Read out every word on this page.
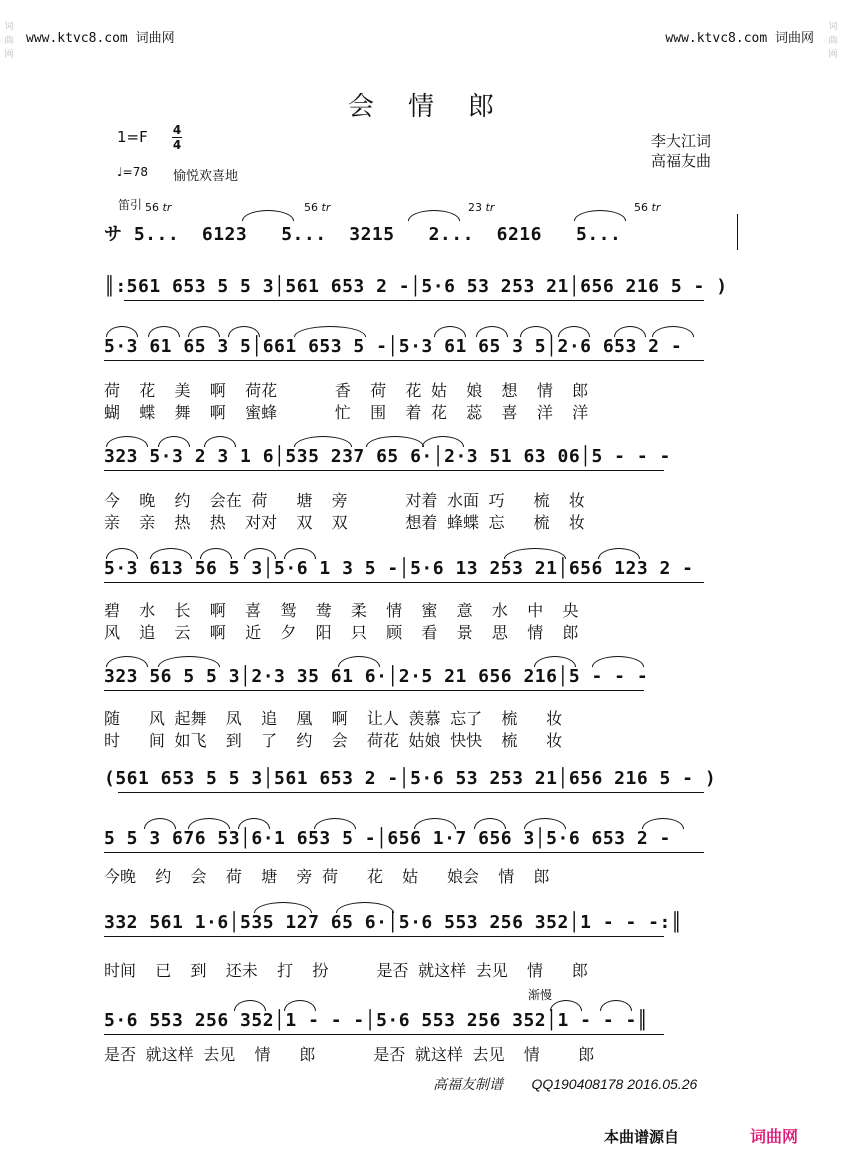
词
曲
网
词
曲
网
www.ktvc8.com 词曲网	www.ktvc8.com 词曲网
会情郎
1=F 4
4
♩=78 愉悦欢喜地
李大江词
高福友曲
笛引 56 tr	56 tr	23 tr	56 tr
サ 5...  6123   5...  3215   2...  6216   5...
║:561 653 5 5 3│561 653 2 -│5·6 53 253 21│656 216 5 - )
5·3 61 65 3 5│661 653 5 -│5·3 61 65 3 5│2·6 653 2 -
荷  花  美  啊  荷花      香  荷  花 姑  娘  想  情  郎
蝴  蝶  舞  啊  蜜蜂      忙  围  着 花  蕊  喜  洋  洋
323 5·3 2 3 1 6│535 237 65 6·│2·3 51 63 06│5 - - -
今  晚  约  会在 荷   塘  旁      对着 水面 巧   梳  妆
亲  亲  热  热  对对  双  双      想着 蜂蝶 忘   梳  妆
5·3 613 56 5 3│5·6 1 3 5 -│5·6 13 253 21│656 123 2 -
碧  水  长  啊  喜  鸳  鸯  柔  情  蜜  意  水  中  央
风  追  云  啊  近  夕  阳  只  顾  看  景  思  情  郎
323 56 5 5 3│2·3 35 61 6·│2·5 21 656 216│5 - - -
随   风 起舞  凤  追  凰  啊  让人 羡慕 忘了  梳   妆
时   间 如飞  到  了  约  会  荷花 姑娘 快快  梳   妆
(561 653 5 5 3│561 653 2 -│5·6 53 253 21│656 216 5 - )
5 5 3 676 53│6·1 653 5 -│656 1·7 656 3│5·6 653 2 -
今晚  约  会  荷  塘  旁 荷   花  姑   娘会  情  郎
332 561 1·6│535 127 65 6·│5·6 553 256 352│1 - - -:║
时间  已  到  还未  打  扮     是否 就这样 去见  情   郎
渐慢
5·6 553 256 352│1 - - -│5·6 553 256 352│1 - - -║
是否 就这样 去见  情   郎      是否 就这样 去见  情    郎
高福友制谱 QQ190408178 2016.05.26
本曲谱源自	词曲网
